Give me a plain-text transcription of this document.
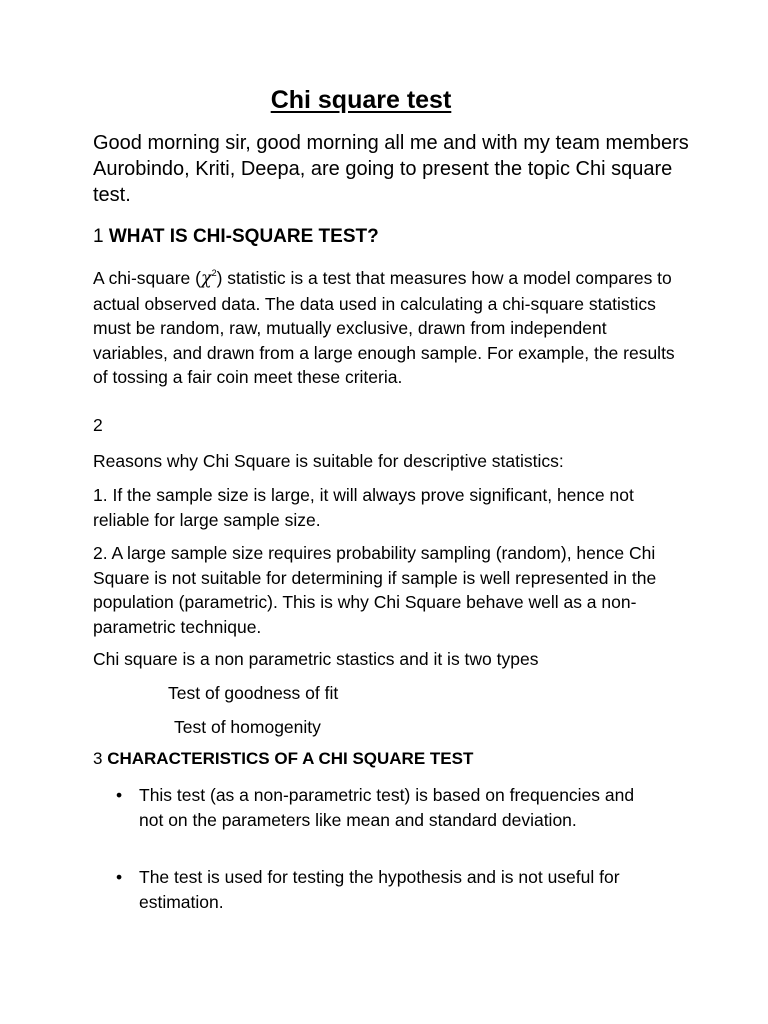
Chi square test

Good morning sir, good morning all me and with my team members Aurobindo, Kriti, Deepa, are going to present the topic Chi square test.

1 WHAT IS CHI-SQUARE TEST?

A chi-square $(\chi^2)$ statistic is a test that measures how a model compares to actual observed data. The data used in calculating a chi-square statistics must be random, raw, mutually exclusive, drawn from independent variables, and drawn from a large enough sample. For example, the results of tossing a fair coin meet these criteria.

2

Reasons why Chi Square is suitable for descriptive statistics:

1. If the sample size is large, it will always prove significant, hence not reliable for large sample size.

2. A large sample size requires probability sampling (random), hence Chi Square is not suitable for determining if sample is well represented in the population (parametric). This is why Chi Square behave well as a non-parametric technique.

Chi square is a non parametric stastics and it is two types

Test of goodness of fit

Test of homogenity

3 CHARACTERISTICS OF A CHI SQUARE TEST
• This test (as a non-parametric test) is based on frequencies and not on the parameters like mean and standard deviation.

• The test is used for testing the hypothesis and is not useful for estimation.
